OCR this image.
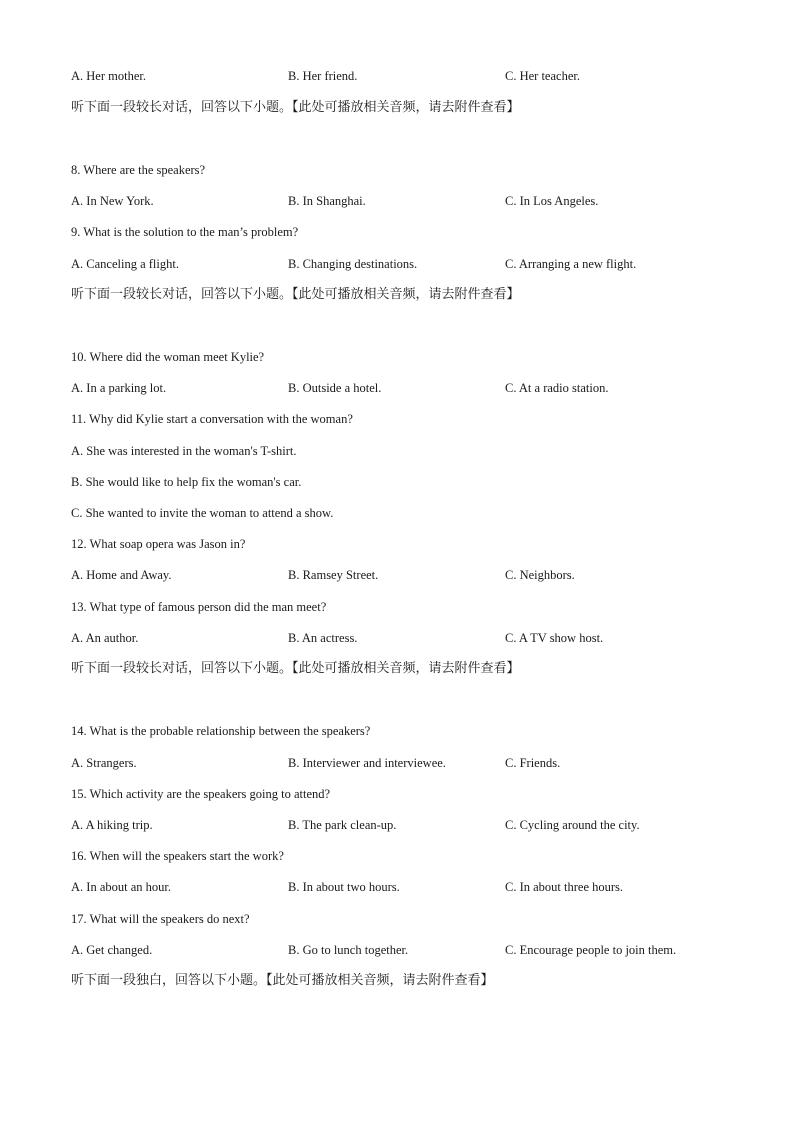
A. Her mother.	B. Her friend.	C. Her teacher.
听下面一段较长对话，回答以下小题。【此处可播放相关音频，请去附件查看】
8. Where are the speakers?
A. In New York.	B. In Shanghai.	C. In Los Angeles.
9. What is the solution to the man’s problem?
A. Canceling a flight.	B. Changing destinations.	C. Arranging a new flight.
听下面一段较长对话，回答以下小题。【此处可播放相关音频，请去附件查看】
10. Where did the woman meet Kylie?
A. In a parking lot.	B. Outside a hotel.	C. At a radio station.
11. Why did Kylie start a conversation with the woman?
A. She was interested in the woman's T-shirt.
B. She would like to help fix the woman's car.
C. She wanted to invite the woman to attend a show.
12. What soap opera was Jason in?
A. Home and Away.	B. Ramsey Street.	C. Neighbors.
13. What type of famous person did the man meet?
A. An author.	B. An actress.	C. A TV show host.
听下面一段较长对话，回答以下小题。【此处可播放相关音频，请去附件查看】
14. What is the probable relationship between the speakers?
A. Strangers.	B. Interviewer and interviewee.	C. Friends.
15. Which activity are the speakers going to attend?
A. A hiking trip.	B. The park clean-up.	C. Cycling around the city.
16. When will the speakers start the work?
A. In about an hour.	B. In about two hours.	C. In about three hours.
17. What will the speakers do next?
A. Get changed.	B. Go to lunch together.	C. Encourage people to join them.
听下面一段独白，回答以下小题。【此处可播放相关音频，请去附件查看】
